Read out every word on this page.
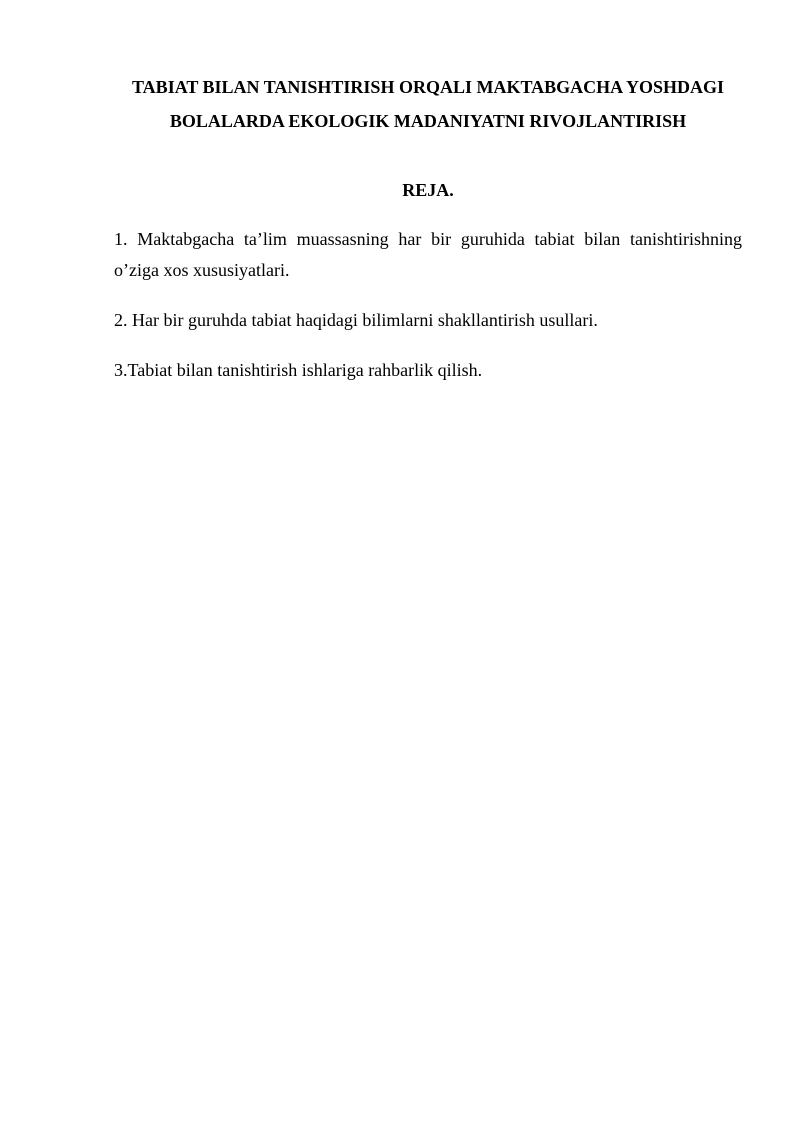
TABIAT BILAN TANISHTIRISH ORQALI MAKTABGACHA YOSHDAGI
BOLALARDA EKOLOGIK MADANIYATNI RIVOJLANTIRISH
REJA.
1. Maktabgacha ta’lim muassasning har bir guruhida tabiat bilan tanishtirishning o’ziga xos xususiyatlari.
2. Har bir guruhda tabiat haqidagi bilimlarni shakllantirish usullari.
3.Tabiat bilan tanishtirish ishlariga rahbarlik qilish.
